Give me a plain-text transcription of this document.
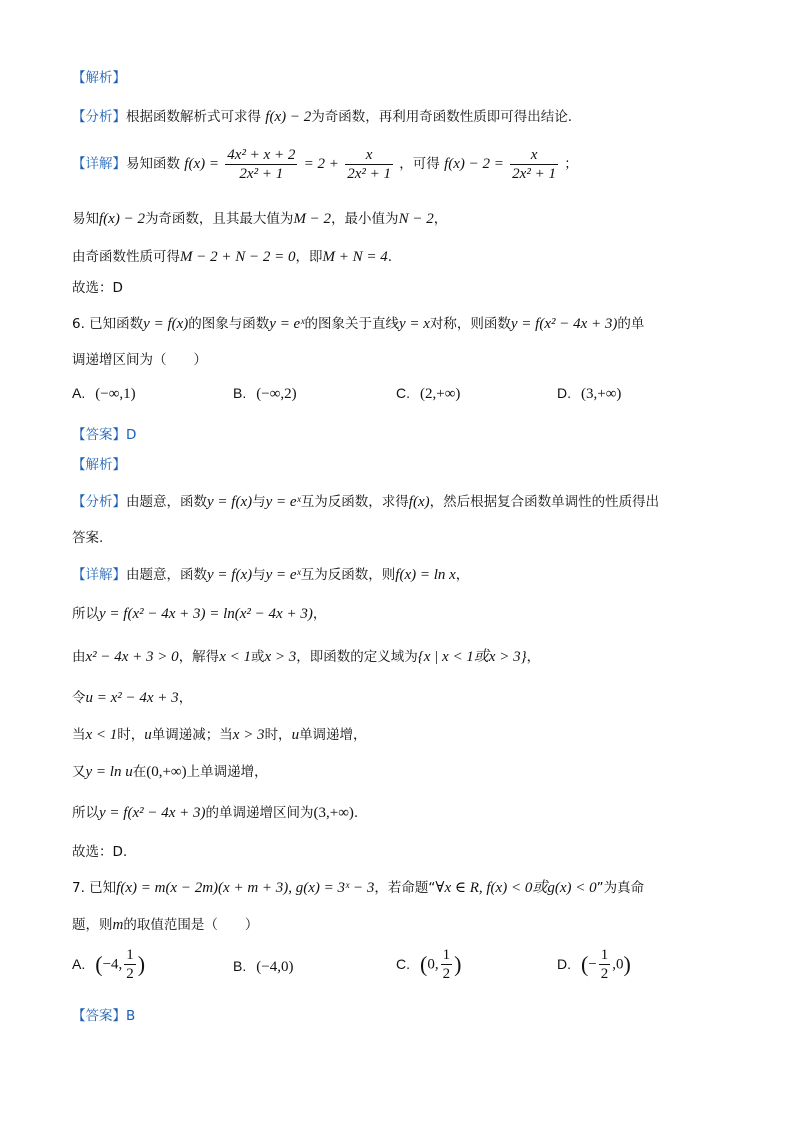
【解析】
【分析】根据函数解析式可求得 f(x) − 2为奇函数，再利用奇函数性质即可得出结论.
【详解】易知函数 $f(x) = \frac{\text{4x² + x + 2}}{\text{2x² + 1}} = 2 + \frac{x}{\text{2x² + 1}}$ ，可得 $f(x) - 2 = \frac{x}{\text{2x² + 1}}$ ；
易知f(x) − 2为奇函数，且其最大值为M − 2，最小值为N − 2，
由奇函数性质可得M − 2 + N − 2 = 0，即M + N = 4.
故选：D
6. 已知函数y = f(x)的图象与函数y = eˣ的图象关于直线y = x对称，则函数y = f(x² − 4x + 3)的单
调递增区间为（　　）
A. (−∞,1)	B. (−∞,2)	C. (2,+∞)	D. (3,+∞)
【答案】D
【解析】
【分析】由题意，函数y = f(x)与y = eˣ互为反函数，求得f(x)，然后根据复合函数单调性的性质得出
答案.
【详解】由题意，函数y = f(x)与y = eˣ互为反函数，则f(x) = ln x，
所以y = f(x² − 4x + 3) = ln(x² − 4x + 3)，
由x² − 4x + 3 > 0，解得x < 1或x > 3，即函数的定义域为{x | x < 1或x > 3}，
令u = x² − 4x + 3，
当x < 1时，u单调递减；当x > 3时，u单调递增，
又y = ln u在(0,+∞)上单调递增，
所以y = f(x² − 4x + 3)的单调递增区间为(3,+∞).
故选：D.
7. 已知f(x) = m(x − 2m)(x + m + 3), g(x) = 3ˣ − 3，若命题“∀x ∈ R, f(x) < 0或g(x) < 0”为真命
题，则m的取值范围是（　　）
A. (−4, $\frac{1}{2}$ )	B. (−4,0)	C. (0, $\frac{1}{2}$ )	D. (− $\frac{1}{2} ,0$)
【答案】B
